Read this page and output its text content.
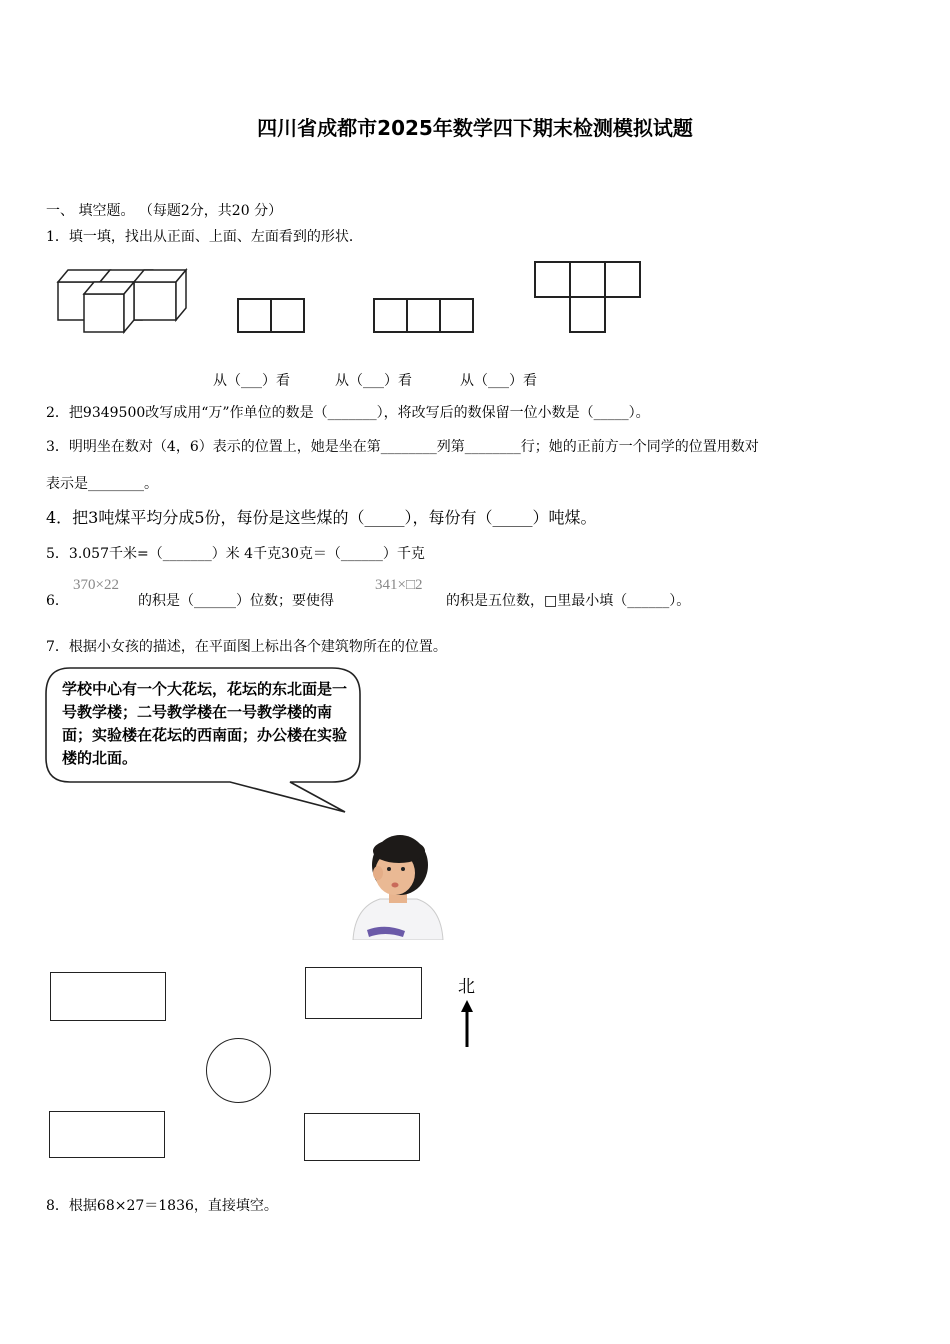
四川省成都市2025年数学四下期末检测模拟试题
一、 填空题。 （每题2分，共20 分）
1．填一填，找出从正面、上面、左面看到的形状．
从（___）看	从（___）看	从（___）看
2．把9349500改写成用“万”作单位的数是（_______），将改写后的数保留一位小数是（_____）。
3．明明坐在数对（4，6）表示的位置上，她是坐在第________列第________行；她的正前方一个同学的位置用数对
表示是________。
4．把3吨煤平均分成5份，每份是这些煤的（_____），每份有（_____）吨煤。
5．3.057千米=（_______）米 4千克30克＝（______）千克
6．
370×22
的积是（______）位数；要使得
341×□2
的积是五位数，□里最小填（______）。
7．根据小女孩的描述，在平面图上标出各个建筑物所在的位置。
学校中心有一个大花坛，花坛的东北面是一号教学楼；二号教学楼在一号教学楼的南面；实验楼在花坛的西南面；办公楼在实验楼的北面。
北
8．根据68×27＝1836，直接填空。
